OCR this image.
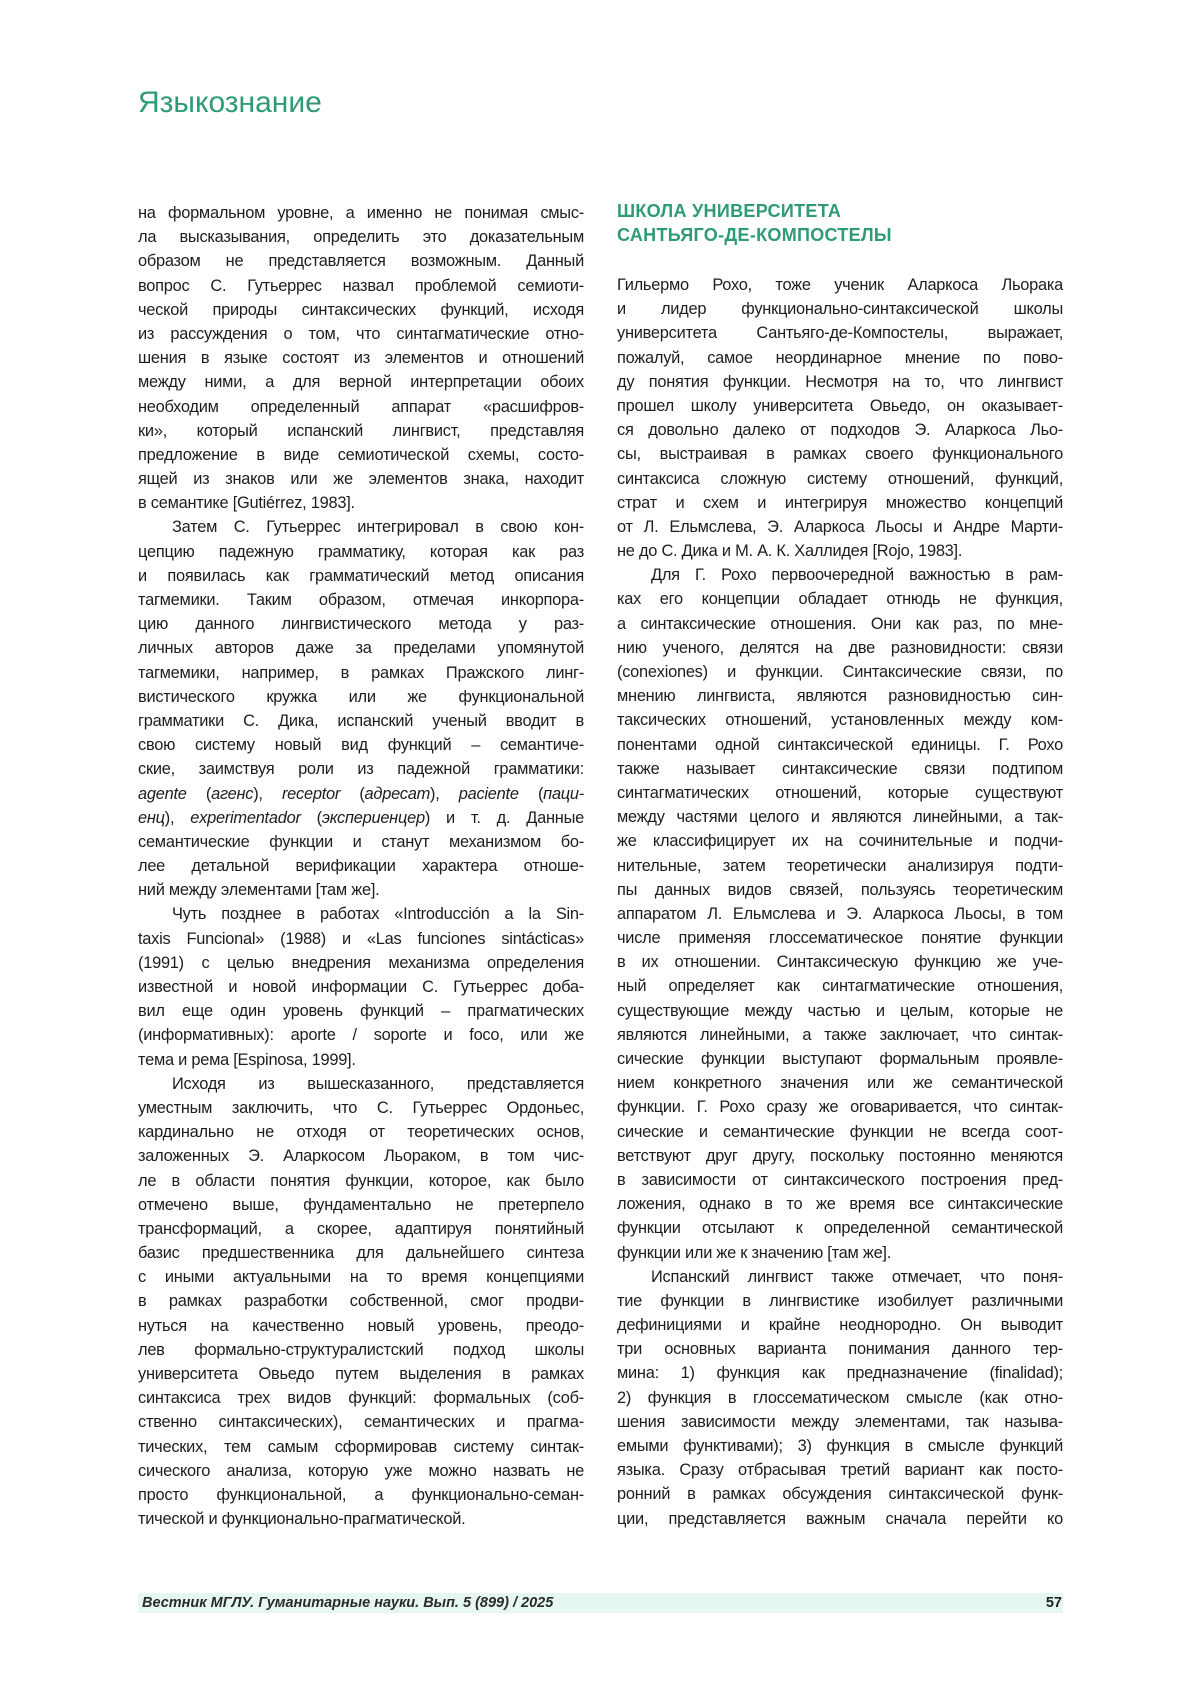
Языкознание
на формальном уровне, а именно не понимая смыс-
ла высказывания, определить это доказательным
образом не представляется возможным. Данный
вопрос С. Гутьеррес назвал проблемой семиоти-
ческой природы синтаксических функций, исходя
из рассуждения о том, что синтагматические отно-
шения в языке состоят из элементов и отношений
между ними, а для верной интерпретации обоих
необходим определенный аппарат «расшифров-
ки», который испанский лингвист, представляя
предложение в виде семиотической схемы, состо-
ящей из знаков или же элементов знака, находит
в семантике [Gutiérrez, 1983].
Затем С. Гутьеррес интегрировал в свою кон-
цепцию падежную грамматику, которая как раз
и появилась как грамматический метод описания
тагмемики. Таким образом, отмечая инкорпора-
цию данного лингвистического метода у раз-
личных авторов даже за пределами упомянутой
тагмемики, например, в рамках Пражского линг-
вистического кружка или же функциональной
грамматики С. Дика, испанский ученый вводит в
свою систему новый вид функций – семантиче-
ские, заимствуя роли из падежной грамматики:
agente (агенс), receptor (адресат), paciente (паци-
енц), experimentador (экспериенцер) и т. д. Данные
семантические функции и станут механизмом бо-
лее детальной верификации характера отноше-
ний между элементами [там же].
Чуть позднее в работах «Introducción a la Sin-
taxis Funcional» (1988) и «Las funciones sintácticas»
(1991) с целью внедрения механизма определения
известной и новой информации С. Гутьеррес доба-
вил еще один уровень функций – прагматических
(информативных): aporte / soporte и foco, или же
тема и рема [Espinosa, 1999].
Исходя из вышесказанного, представляется
уместным заключить, что С. Гутьеррес Ордоньес,
кардинально не отходя от теоретических основ,
заложенных Э. Аларкосом Льораком, в том чис-
ле в области понятия функции, которое, как было
отмечено выше, фундаментально не претерпело
трансформаций, а скорее, адаптируя понятийный
базис предшественника для дальнейшего синтеза
с иными актуальными на то время концепциями
в рамках разработки собственной, смог продви-
нуться на качественно новый уровень, преодо-
лев формально-структуралистский подход школы
университета Овьедо путем выделения в рамках
синтаксиса трех видов функций: формальных (соб-
ственно синтаксических), семантических и прагма-
тических, тем самым сформировав систему синтак-
сического анализа, которую уже можно назвать не
просто функциональной, а функционально-семан-
тической и функционально-прагматической.
ШКОЛА УНИВЕРСИТЕТА
САНТЬЯГО-ДЕ-КОМПОСТЕЛЫ
Гильермо Рохо, тоже ученик Аларкоса Льорака
и лидер функционально-синтаксической школы
университета Сантьяго-де-Компостелы, выражает,
пожалуй, самое неординарное мнение по пово-
ду понятия функции. Несмотря на то, что лингвист
прошел школу университета Овьедо, он оказывает-
ся довольно далеко от подходов Э. Аларкоса Льо-
сы, выстраивая в рамках своего функционального
синтаксиса сложную систему отношений, функций,
страт и схем и интегрируя множество концепций
от Л. Ельмслева, Э. Аларкоса Льосы и Андре Марти-
не до С. Дика и М. А. К. Халлидея [Rojo, 1983].
Для Г. Рохо первоочередной важностью в рам-
ках его концепции обладает отнюдь не функция,
а синтаксические отношения. Они как раз, по мне-
нию ученого, делятся на две разновидности: связи
(conexiones) и функции. Синтаксические связи, по
мнению лингвиста, являются разновидностью син-
таксических отношений, установленных между ком-
понентами одной синтаксической единицы. Г. Рохо
также называет синтаксические связи подтипом
синтагматических отношений, которые существуют
между частями целого и являются линейными, а так-
же классифицирует их на сочинительные и подчи-
нительные, затем теоретически анализируя подти-
пы данных видов связей, пользуясь теоретическим
аппаратом Л. Ельмслева и Э. Аларкоса Льосы, в том
числе применяя глоссематическое понятие функции
в их отношении. Синтаксическую функцию же уче-
ный определяет как синтагматические отношения,
существующие между частью и целым, которые не
являются линейными, а также заключает, что синтак-
сические функции выступают формальным проявле-
нием конкретного значения или же семантической
функции. Г. Рохо сразу же оговаривается, что синтак-
сические и семантические функции не всегда соот-
ветствуют друг другу, поскольку постоянно меняются
в зависимости от синтаксического построения пред-
ложения, однако в то же время все синтаксические
функции отсылают к определенной семантической
функции или же к значению [там же].
Испанский лингвист также отмечает, что поня-
тие функции в лингвистике изобилует различными
дефинициями и крайне неоднородно. Он выводит
три основных варианта понимания данного тер-
мина: 1) функция как предназначение (finalidad);
2) функция в глоссематическом смысле (как отно-
шения зависимости между элементами, так называ-
емыми функтивами); 3) функция в смысле функций
языка. Сразу отбрасывая третий вариант как посто-
ронний в рамках обсуждения синтаксической функ-
ции, представляется важным сначала перейти ко
Вестник МГЛУ. Гуманитарные науки. Вып. 5 (899) / 2025	57
